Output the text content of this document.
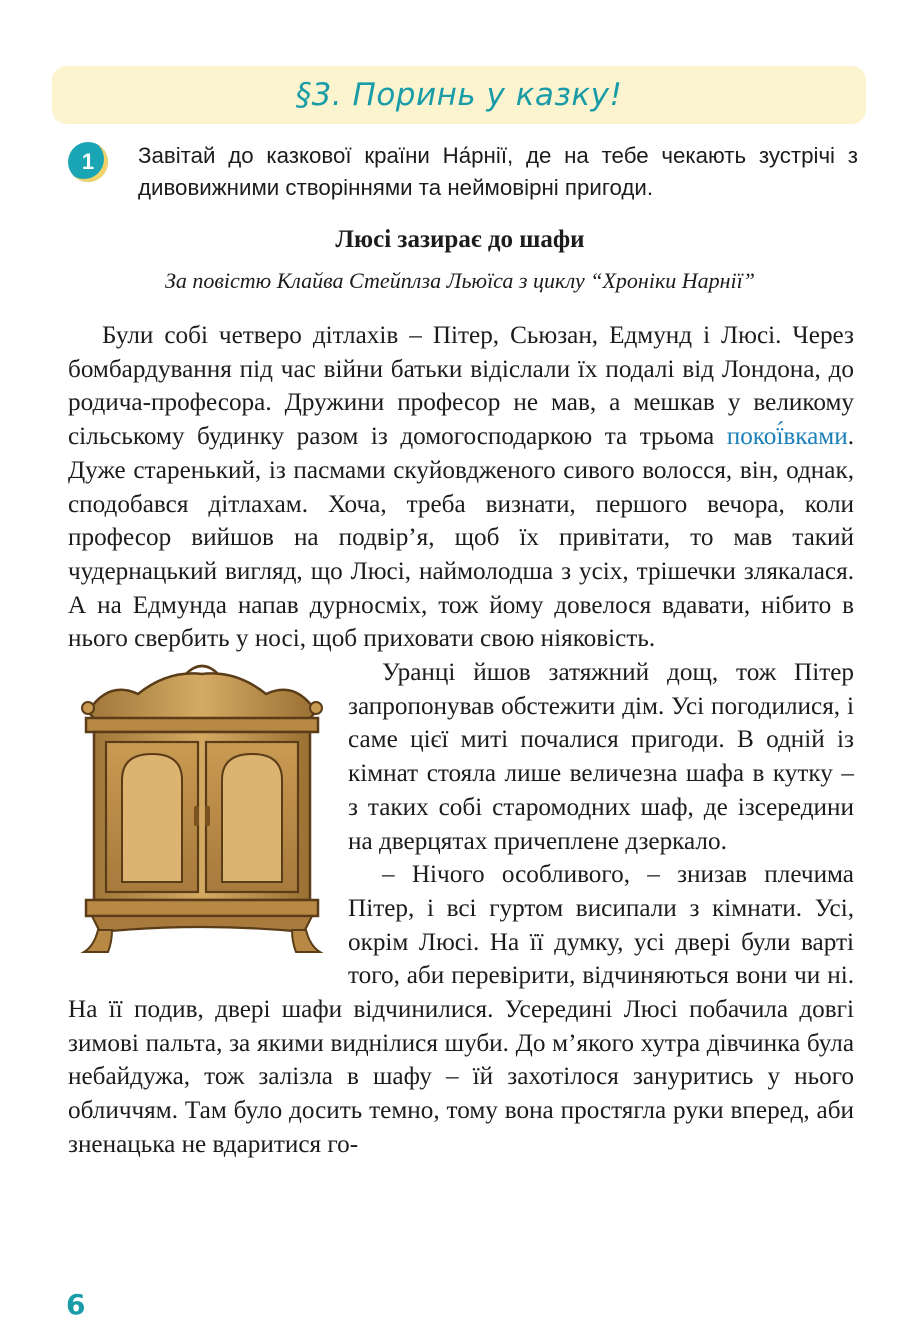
§3. Поринь у казку!
1	Завітай до казкової країни На́рнії, де на тебе чекають зустрічі з дивовижними створіннями та неймовірні пригоди.
Люсі зазирає до шафи
За повістю Клайва Стейплза Льюїса з циклу “Хроніки Нарнії”

Були собі четверо дітлахів – Пітер, Сьюзан, Едмунд і Люсі. Через бомбардування під час війни батьки відіслали їх подалі від Лондона, до родича-професора. Дружини професор не мав, а мешкав у великому сільському будинку разом із домогосподаркою та трьома покої́вками. Дуже старенький, із пасмами скуйовдженого сивого волосся, він, однак, сподобався дітлахам. Хоча, треба визнати, першого вечора, коли професор вийшов на подвір’я, щоб їх привітати, то мав такий чудернацький вигляд, що Люсі, наймолодша з усіх, трішечки злякалася. А на Едмунда напав дурносміх, тож йому довелося вдавати, нібито в нього свербить у носі, щоб приховати свою ніяковість.

Уранці йшов затяжний дощ, тож Пітер запропонував обстежити дім. Усі погодилися, і саме цієї миті почалися пригоди. В одній із кімнат стояла лише величезна шафа в кутку – з таких собі старомодних шаф, де ізсередини на дверцятах причеплене дзеркало.

– Нічого особливого, – знизав плечима Пітер, і всі гуртом висипали з кімнати. Усі, окрім Люсі. На її думку, усі двері були варті того, аби перевірити, відчиняються вони чи ні. На її подив, двері шафи відчинилися. Усередині Люсі побачила довгі зимові пальта, за якими виднілися шуби. До м’якого хутра дівчинка була небайдужа, тож залізла в шафу – їй захотілося зануритись у нього обличчям. Там було досить темно, тому вона простягла руки вперед, аби зненацька не вдаритися го-

6
